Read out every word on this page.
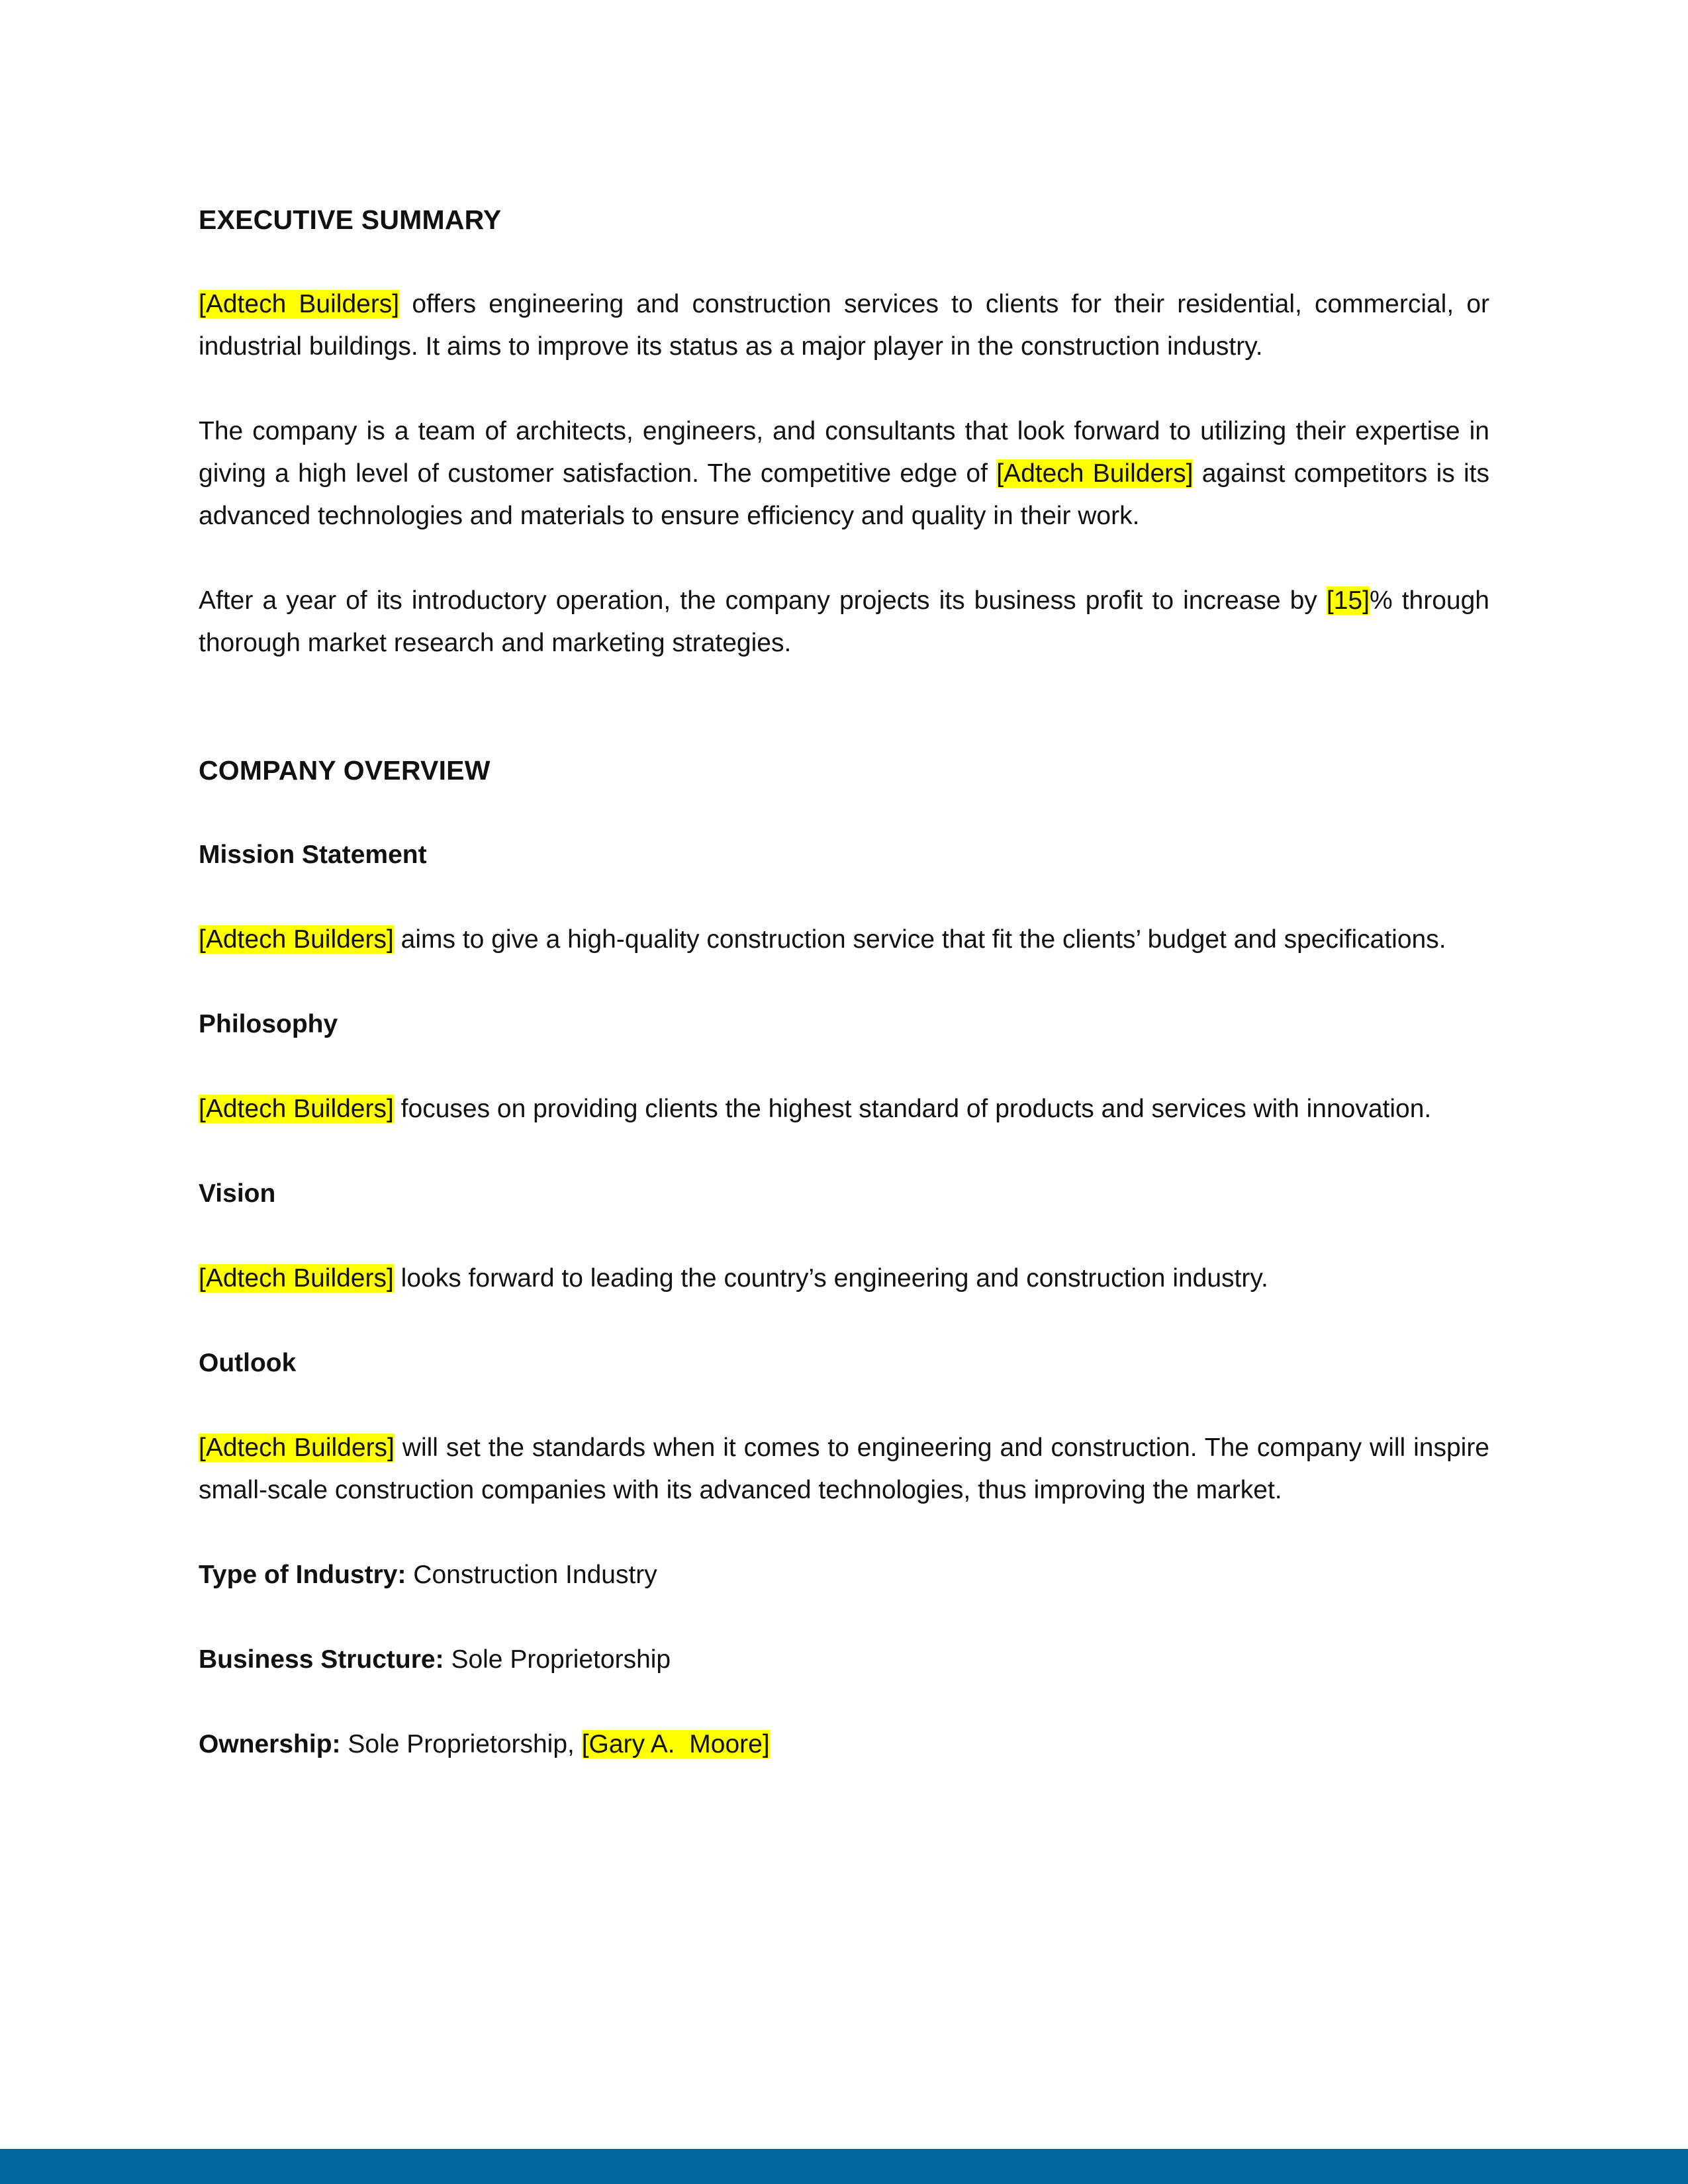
EXECUTIVE SUMMARY

[Adtech Builders] offers engineering and construction services to clients for their residential, commercial, or industrial buildings. It aims to improve its status as a major player in the construction industry.

The company is a team of architects, engineers, and consultants that look forward to utilizing their expertise in giving a high level of customer satisfaction. The competitive edge of [Adtech Builders] against competitors is its advanced technologies and materials to ensure efficiency and quality in their work.

After a year of its introductory operation, the company projects its business profit to increase by [15]% through thorough market research and marketing strategies.

COMPANY OVERVIEW
Mission Statement

[Adtech Builders] aims to give a high-quality construction service that fit the clients’ budget and specifications.

Philosophy

[Adtech Builders] focuses on providing clients the highest standard of products and services with innovation.

Vision

[Adtech Builders] looks forward to leading the country’s engineering and construction industry.

Outlook

[Adtech Builders] will set the standards when it comes to engineering and construction. The company will inspire small-scale construction companies with its advanced technologies, thus improving the market.

Type of Industry: Construction Industry

Business Structure: Sole Proprietorship

Ownership: Sole Proprietorship, [Gary A.  Moore]
